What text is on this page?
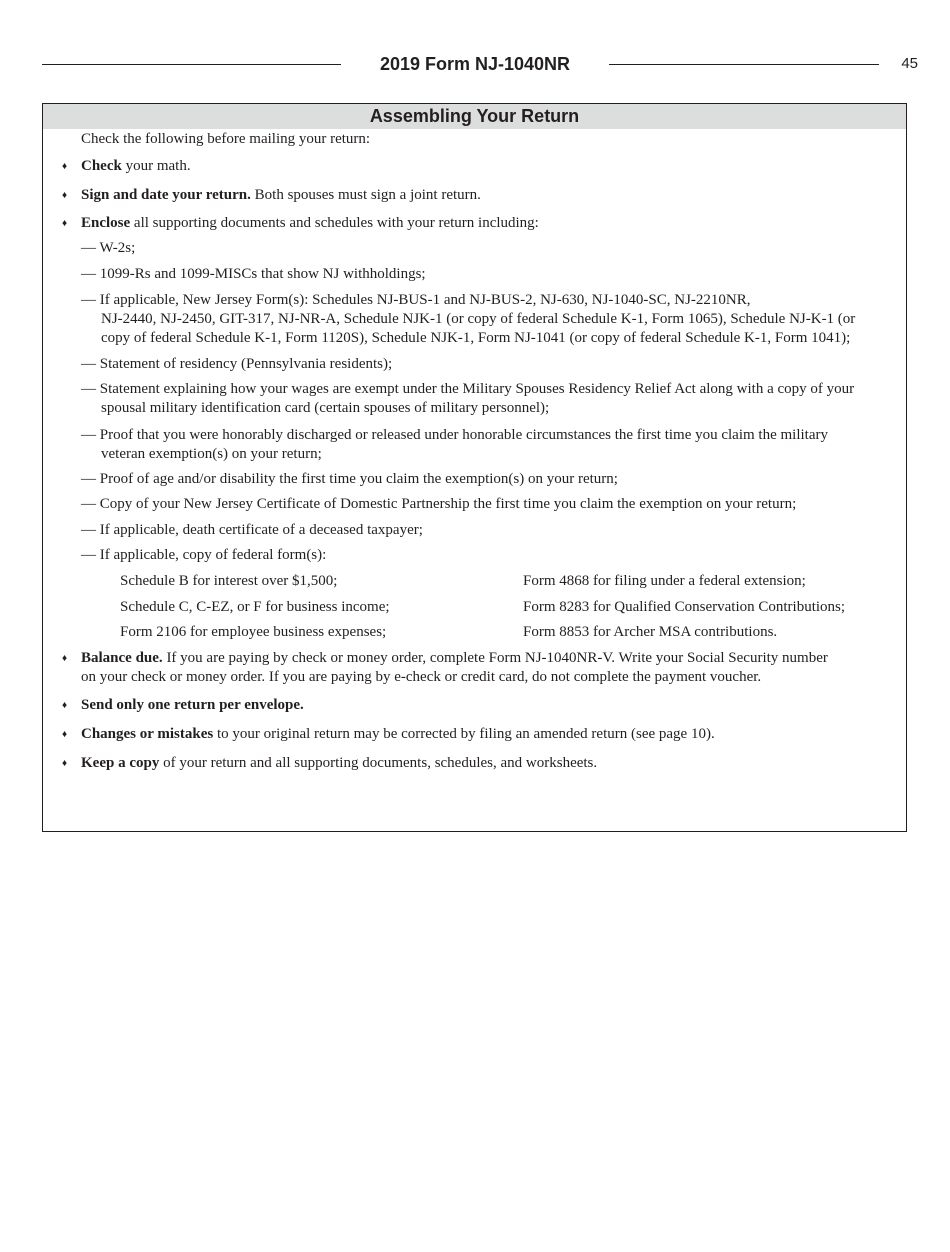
2019 Form NJ-1040NR	45
Assembling Your Return
Check the following before mailing your return:
♦ Check your math.
♦ Sign and date your return. Both spouses must sign a joint return.
♦ Enclose all supporting documents and schedules with your return including:
— W-2s;
— 1099-Rs and 1099-MISCs that show NJ withholdings;
— If applicable, New Jersey Form(s): Schedules NJ-BUS-1 and NJ-BUS-2, NJ-630, NJ-1040-SC, NJ-2210NR,
NJ-2440, NJ-2450, GIT-317, NJ-NR-A, Schedule NJK-1 (or copy of federal Schedule K-1, Form 1065), Schedule NJ-K-1 (or
copy of federal Schedule K-1, Form 1120S), Schedule NJK-1, Form NJ-1041 (or copy of federal Schedule K-1, Form 1041);
— Statement of residency (Pennsylvania residents);
— Statement explaining how your wages are exempt under the Military Spouses Residency Relief Act along with a copy of your
spousal military identification card (certain spouses of military personnel);
— Proof that you were honorably discharged or released under honorable circumstances the first time you claim the military
veteran exemption(s) on your return;
— Proof of age and/or disability the first time you claim the exemption(s) on your return;
— Copy of your New Jersey Certificate of Domestic Partnership the first time you claim the exemption on your return;
— If applicable, death certificate of a deceased taxpayer;
— If applicable, copy of federal form(s):
Schedule B for interest over $1,500;	Form 4868 for filing under a federal extension;
Schedule C, C-EZ, or F for business income;	Form 8283 for Qualified Conservation Contributions;
Form 2106 for employee business expenses;	Form 8853 for Archer MSA contributions.
♦ Balance due. If you are paying by check or money order, complete Form NJ-1040NR-V. Write your Social Security number
on your check or money order. If you are paying by e-check or credit card, do not complete the payment voucher.
♦ Send only one return per envelope.
♦ Changes or mistakes to your original return may be corrected by filing an amended return (see page 10).
♦ Keep a copy of your return and all supporting documents, schedules, and worksheets.
